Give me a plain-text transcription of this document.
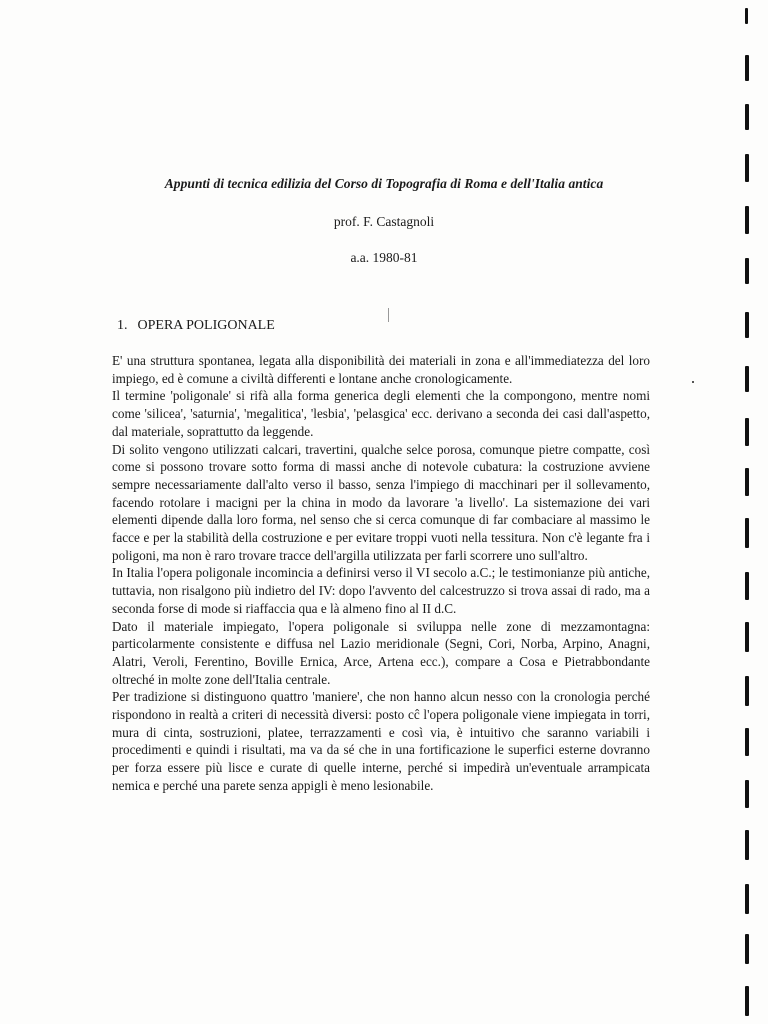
Appunti di tecnica edilizia del Corso di Topografia di Roma e dell'Italia antica
prof. F. Castagnoli
a.a. 1980-81
1. OPERA POLIGONALE

E' una struttura spontanea, legata alla disponibilità dei materiali in zona e all'immediatezza del loro impiego, ed è comune a civiltà differenti e lontane anche cronologicamente.

Il termine 'poligonale' si rifà alla forma generica degli elementi che la compongono, mentre nomi come 'silicea', 'saturnia', 'megalitica', 'lesbia', 'pelasgica' ecc. derivano a seconda dei casi dall'aspetto, dal materiale, soprattutto da leggende.

Di solito vengono utilizzati calcari, travertini, qualche selce porosa, comunque pietre compatte, così come si possono trovare sotto forma di massi anche di notevole cubatura: la costruzione avviene sempre necessariamente dall'alto verso il basso, senza l'impiego di macchinari per il sollevamento, facendo rotolare i macigni per la china in modo da lavorare 'a livello'. La sistemazione dei vari elementi dipende dalla loro forma, nel senso che si cerca comunque di far combaciare al massimo le facce e per la stabilità della costruzione e per evitare troppi vuoti nella tessitura. Non c'è legante fra i poligoni, ma non è raro trovare tracce dell'argilla utilizzata per farli scorrere uno sull'altro.

In Italia l'opera poligonale incomincia a definirsi verso il VI secolo a.C.; le testimonianze più antiche, tuttavia, non risalgono più indietro del IV: dopo l'avvento del calcestruzzo si trova assai di rado, ma a seconda forse di mode si riaffaccia qua e là almeno fino al II d.C.

Dato il materiale impiegato, l'opera poligonale si sviluppa nelle zone di mezzamontagna: particolarmente consistente e diffusa nel Lazio meridionale (Segni, Cori, Norba, Arpino, Anagni, Alatri, Veroli, Ferentino, Boville Ernica, Arce, Artena ecc.), compare a Cosa e Pietrabbondante oltreché in molte zone dell'Italia centrale.

Per tradizione si distinguono quattro 'maniere', che non hanno alcun nesso con la cronologia perché rispondono in realtà a criteri di necessità diversi: posto cĉ l'opera poligonale viene impiegata in torri, mura di cinta, sostruzioni, platee, terrazzamenti e così via, è intuitivo che saranno variabili i procedimenti e quindi i risultati, ma va da sé che in una fortificazione le superfici esterne dovranno per forza essere più lisce e curate di quelle interne, perché si impedirà un'eventuale arrampicata nemica e perché una parete senza appigli è meno lesionabile.
